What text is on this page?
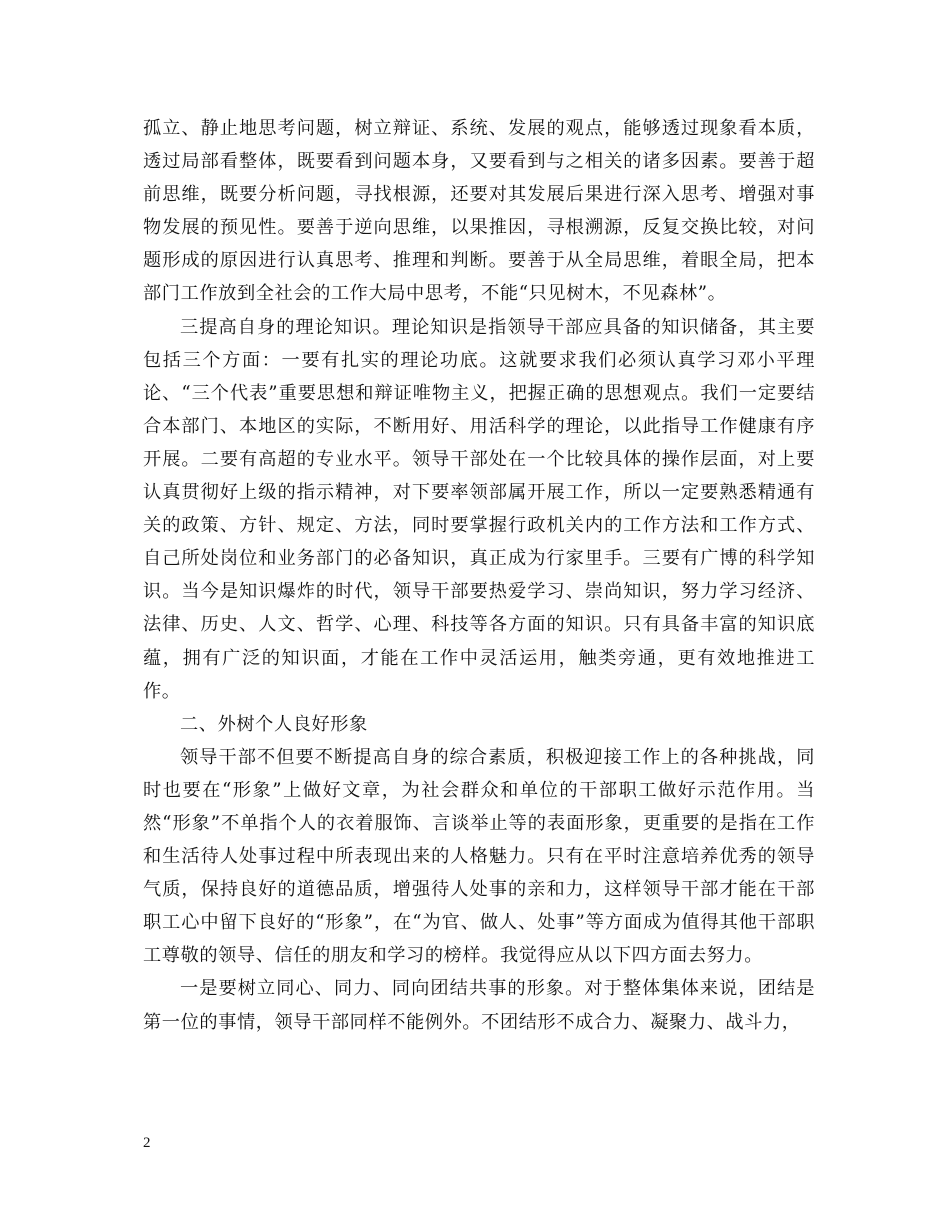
孤立、静止地思考问题，树立辩证、系统、发展的观点，能够透过现象看本质，透过局部看整体，既要看到问题本身，又要看到与之相关的诸多因素。要善于超前思维，既要分析问题，寻找根源，还要对其发展后果进行深入思考、增强对事物发展的预见性。要善于逆向思维，以果推因，寻根溯源，反复交换比较，对问题形成的原因进行认真思考、推理和判断。要善于从全局思维，着眼全局，把本部门工作放到全社会的工作大局中思考，不能“只见树木，不见森林”。

三提高自身的理论知识。理论知识是指领导干部应具备的知识储备，其主要包括三个方面：一要有扎实的理论功底。这就要求我们必须认真学习邓小平理论、“三个代表”重要思想和辩证唯物主义，把握正确的思想观点。我们一定要结合本部门、本地区的实际，不断用好、用活科学的理论，以此指导工作健康有序开展。二要有高超的专业水平。领导干部处在一个比较具体的操作层面，对上要认真贯彻好上级的指示精神，对下要率领部属开展工作，所以一定要熟悉精通有关的政策、方针、规定、方法，同时要掌握行政机关内的工作方法和工作方式、自己所处岗位和业务部门的必备知识，真正成为行家里手。三要有广博的科学知识。当今是知识爆炸的时代，领导干部要热爱学习、崇尚知识，努力学习经济、法律、历史、人文、哲学、心理、科技等各方面的知识。只有具备丰富的知识底蕴，拥有广泛的知识面，才能在工作中灵活运用，触类旁通，更有效地推进工作。

二、外树个人良好形象

领导干部不但要不断提高自身的综合素质，积极迎接工作上的各种挑战，同时也要在“形象”上做好文章，为社会群众和单位的干部职工做好示范作用。当然“形象”不单指个人的衣着服饰、言谈举止等的表面形象，更重要的是指在工作和生活待人处事过程中所表现出来的人格魅力。只有在平时注意培养优秀的领导气质，保持良好的道德品质，增强待人处事的亲和力，这样领导干部才能在干部职工心中留下良好的“形象”，在“为官、做人、处事”等方面成为值得其他干部职工尊敬的领导、信任的朋友和学习的榜样。我觉得应从以下四方面去努力。

一是要树立同心、同力、同向团结共事的形象。对于整体集体来说，团结是第一位的事情，领导干部同样不能例外。不团结形不成合力、凝聚力、战斗力，

2
